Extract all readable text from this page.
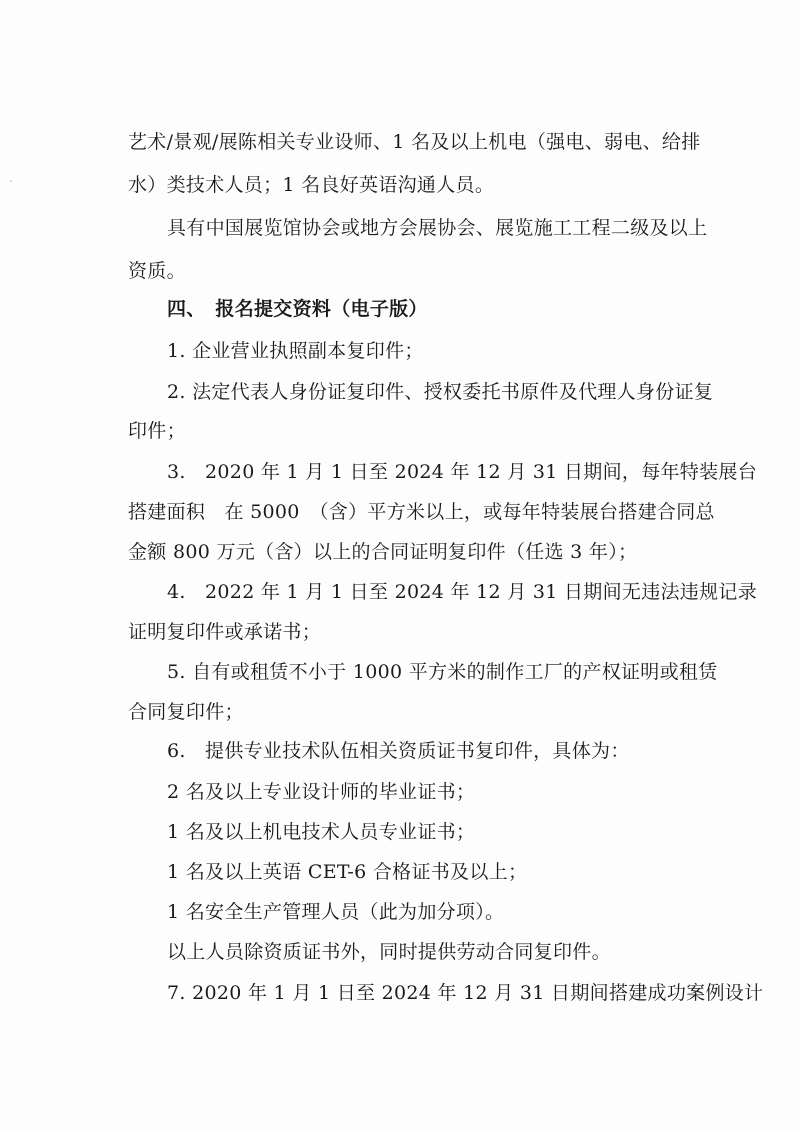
艺术/景观/展陈相关专业设师、1 名及以上机电（强电、弱电、给排
水）类技术人员；1 名良好英语沟通人员。
具有中国展览馆协会或地方会展协会、展览施工工程二级及以上
资质。
四、　报名提交资料（电子版）
1. 企业营业执照副本复印件；
2. 法定代表人身份证复印件、授权委托书原件及代理人身份证复
印件；
3.　2020 年 1 月 1 日至 2024 年 12 月 31 日期间，每年特装展台
搭建面积　在 5000　（含）平方米以上，或每年特装展台搭建合同总
金额 800 万元（含）以上的合同证明复印件（任选 3 年）；
4.　2022 年 1 月 1 日至 2024 年 12 月 31 日期间无违法违规记录
证明复印件或承诺书；
5. 自有或租赁不小于 1000 平方米的制作工厂的产权证明或租赁
合同复印件；
6.　提供专业技术队伍相关资质证书复印件，具体为：
2 名及以上专业设计师的毕业证书；
1 名及以上机电技术人员专业证书；
1 名及以上英语 CET-6 合格证书及以上；
1 名安全生产管理人员（此为加分项）。
以上人员除资质证书外，同时提供劳动合同复印件。
7. 2020 年 1 月 1 日至 2024 年 12 月 31 日期间搭建成功案例设计
